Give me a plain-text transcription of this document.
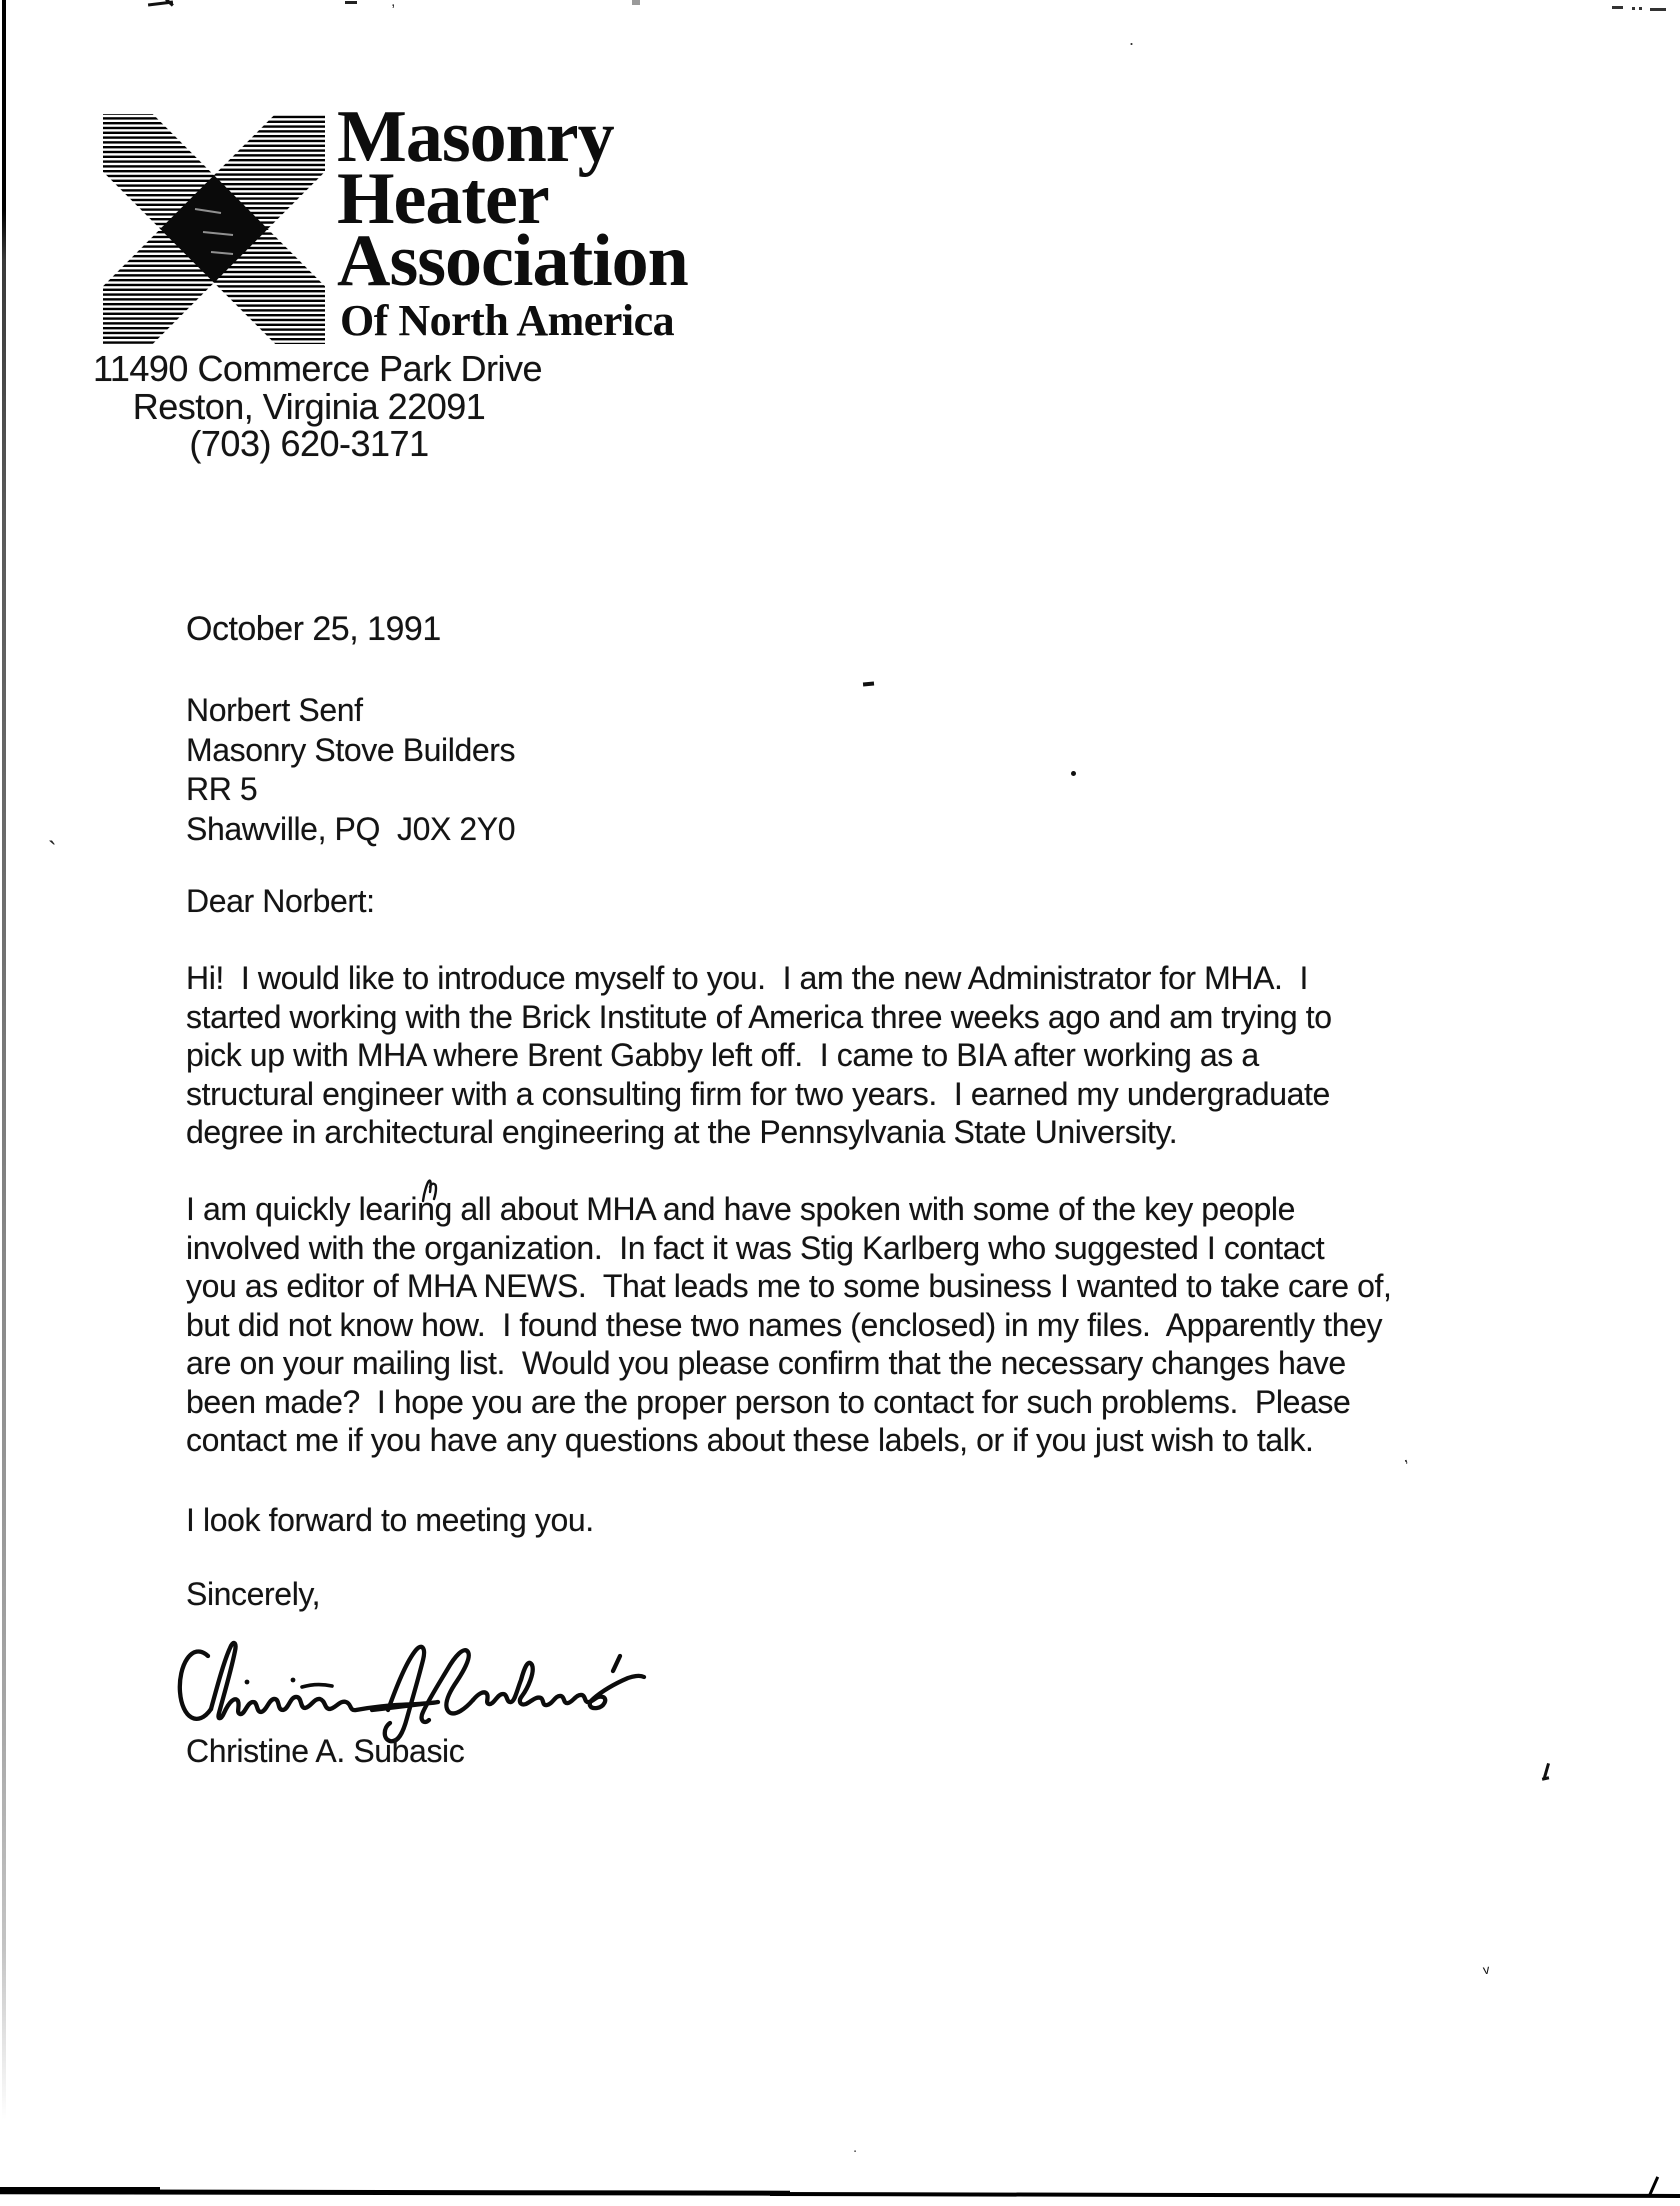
Masonry
Heater
Association
Of North America
11490 Commerce Park Drive
Reston, Virginia 22091
(703) 620-3171
October 25, 1991
Norbert Senf
Masonry Stove Builders
RR 5
Shawville, PQ  J0X 2Y0
Dear Norbert:
Hi!  I would like to introduce myself to you.  I am the new Administrator for MHA.  I
started working with the Brick Institute of America three weeks ago and am trying to
pick up with MHA where Brent Gabby left off.  I came to BIA after working as a
structural engineer with a consulting firm for two years.  I earned my undergraduate
degree in architectural engineering at the Pennsylvania State University.
I am quickly learing all about MHA and have spoken with some of the key people
involved with the organization.  In fact it was Stig Karlberg who suggested I contact
you as editor of MHA NEWS.  That leads me to some business I wanted to take care of,
but did not know how.  I found these two names (enclosed) in my files.  Apparently they
are on your mailing list.  Would you please confirm that the necessary changes have
been made?  I hope you are the proper person to contact for such problems.  Please
contact me if you have any questions about these labels, or if you just wish to talk.
I look forward to meeting you.
Sincerely,
Christine A. Subasic
,
.
`
,
v
.
